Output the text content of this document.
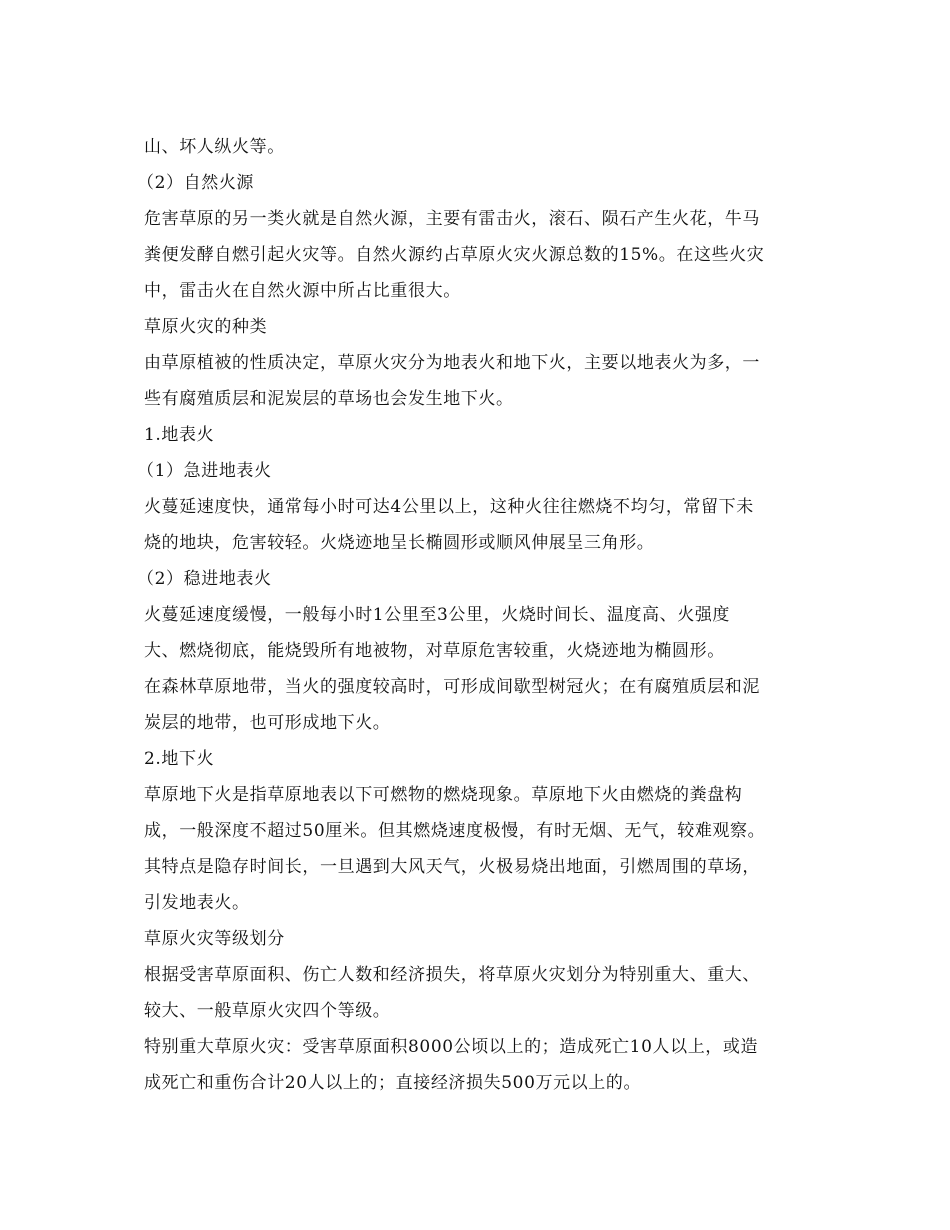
山、坏人纵火等。

（2）自然火源

危害草原的另一类火就是自然火源，主要有雷击火，滚石、陨石产生火花，牛马

粪便发酵自燃引起火灾等。自然火源约占草原火灾火源总数的15%。在这些火灾

中，雷击火在自然火源中所占比重很大。

草原火灾的种类

由草原植被的性质决定，草原火灾分为地表火和地下火，主要以地表火为多，一

些有腐殖质层和泥炭层的草场也会发生地下火。

1.地表火

（1）急进地表火

火蔓延速度快，通常每小时可达4公里以上，这种火往往燃烧不均匀，常留下未

烧的地块，危害较轻。火烧迹地呈长椭圆形或顺风伸展呈三角形。

（2）稳进地表火

火蔓延速度缓慢，一般每小时1公里至3公里，火烧时间长、温度高、火强度

大、燃烧彻底，能烧毁所有地被物，对草原危害较重，火烧迹地为椭圆形。

在森林草原地带，当火的强度较高时，可形成间歇型树冠火；在有腐殖质层和泥

炭层的地带，也可形成地下火。

2.地下火

草原地下火是指草原地表以下可燃物的燃烧现象。草原地下火由燃烧的粪盘构

成，一般深度不超过50厘米。但其燃烧速度极慢，有时无烟、无气，较难观察。

其特点是隐存时间长，一旦遇到大风天气，火极易烧出地面，引燃周围的草场，

引发地表火。

草原火灾等级划分

根据受害草原面积、伤亡人数和经济损失，将草原火灾划分为特别重大、重大、

较大、一般草原火灾四个等级。

特别重大草原火灾：受害草原面积8000公顷以上的；造成死亡10人以上，或造

成死亡和重伤合计20人以上的；直接经济损失500万元以上的。
